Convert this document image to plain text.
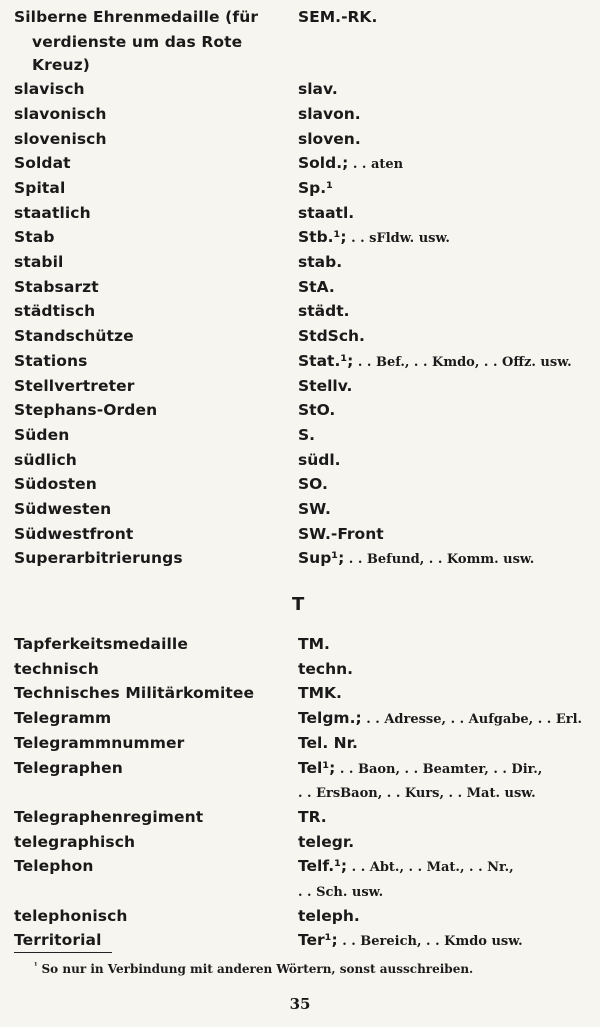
Silberne Ehrenmedaille (für	SEM.-RK.
verdienste um das Rote
Kreuz)
slavisch	slav.
slavonisch	slavon.
slovenisch	sloven.
Soldat	Sold.; . . aten
Spital	Sp.¹
staatlich	staatl.
Stab	Stb.¹; . . sFldw. usw.
stabil	stab.
Stabsarzt	StA.
städtisch	städt.
Standschütze	StdSch.
Stations	Stat.¹; . . Bef., . . Kmdo, . . Offz. usw.
Stellvertreter	Stellv.
Stephans-Orden	StO.
Süden	S.
südlich	südl.
Südosten	SO.
Südwesten	SW.
Südwestfront	SW.-Front
Superarbitrierungs	Sup¹; . . Befund, . . Komm. usw.
T
Tapferkeitsmedaille	TM.
technisch	techn.
Technisches Militärkomitee	TMK.
Telegramm	Telgm.; . . Adresse, . . Aufgabe, . . Erl.
Telegrammnummer	Tel. Nr.
Telegraphen	Tel¹; . . Baon, . . Beamter, . . Dir.,
. . ErsBaon, . . Kurs, . . Mat. usw.
Telegraphenregiment	TR.
telegraphisch	telegr.
Telephon	Telf.¹; . . Abt., . . Mat., . . Nr.,
. . Sch. usw.
telephonisch	teleph.
Territorial	Ter¹; . . Bereich, . . Kmdo usw.
$^{^1}$ So nur in Verbindung mit anderen Wörtern, sonst ausschreiben.
35
